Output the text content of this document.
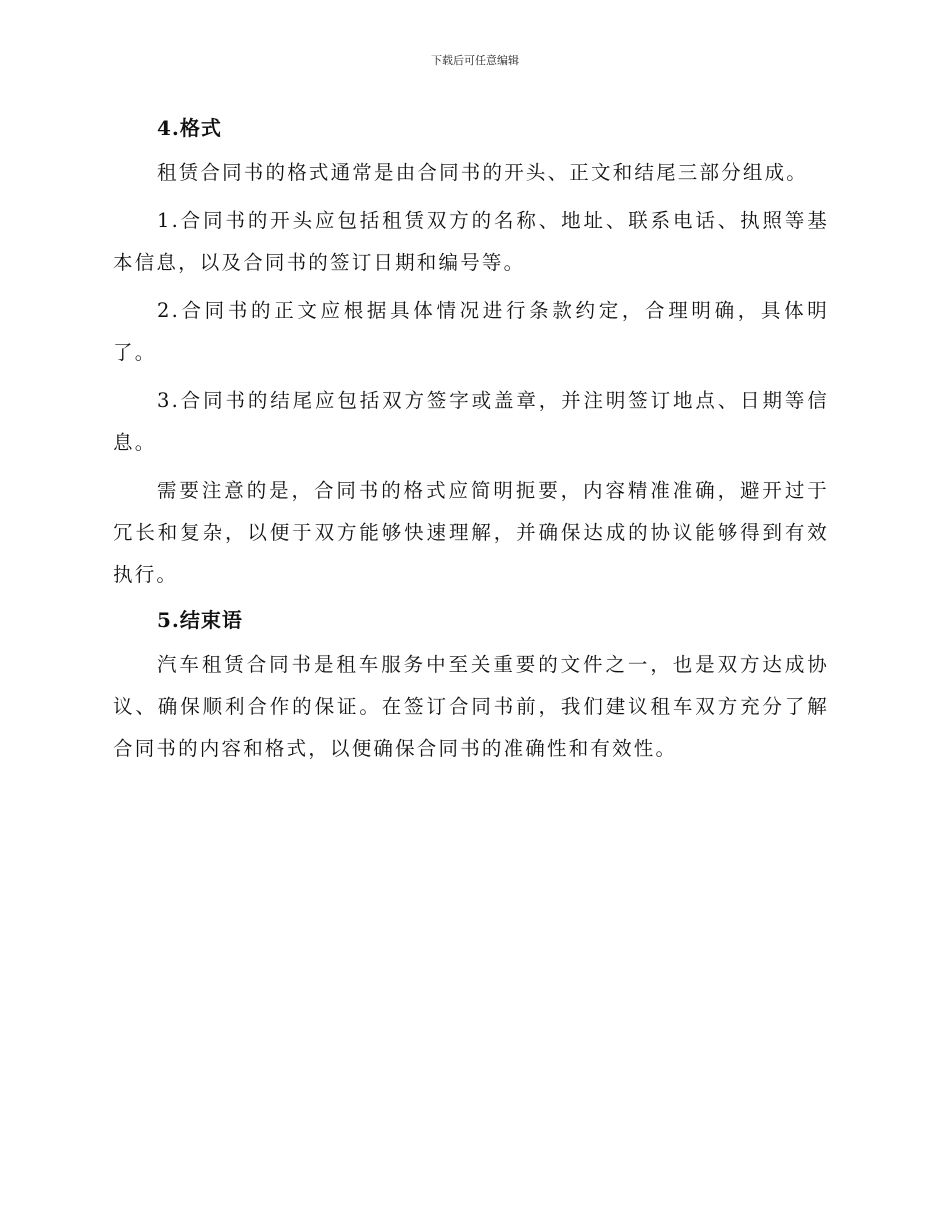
下载后可任意编辑
4.格式

租赁合同书的格式通常是由合同书的开头、正文和结尾三部分组成。

1.合同书的开头应包括租赁双方的名称、地址、联系电话、执照等基本信息，以及合同书的签订日期和编号等。

2.合同书的正文应根据具体情况进行条款约定，合理明确，具体明了。

3.合同书的结尾应包括双方签字或盖章，并注明签订地点、日期等信息。

需要注意的是，合同书的格式应简明扼要，内容精准准确，避开过于冗长和复杂，以便于双方能够快速理解，并确保达成的协议能够得到有效执行。

5.结束语

汽车租赁合同书是租车服务中至关重要的文件之一，也是双方达成协议、确保顺利合作的保证。在签订合同书前，我们建议租车双方充分了解合同书的内容和格式，以便确保合同书的准确性和有效性。
